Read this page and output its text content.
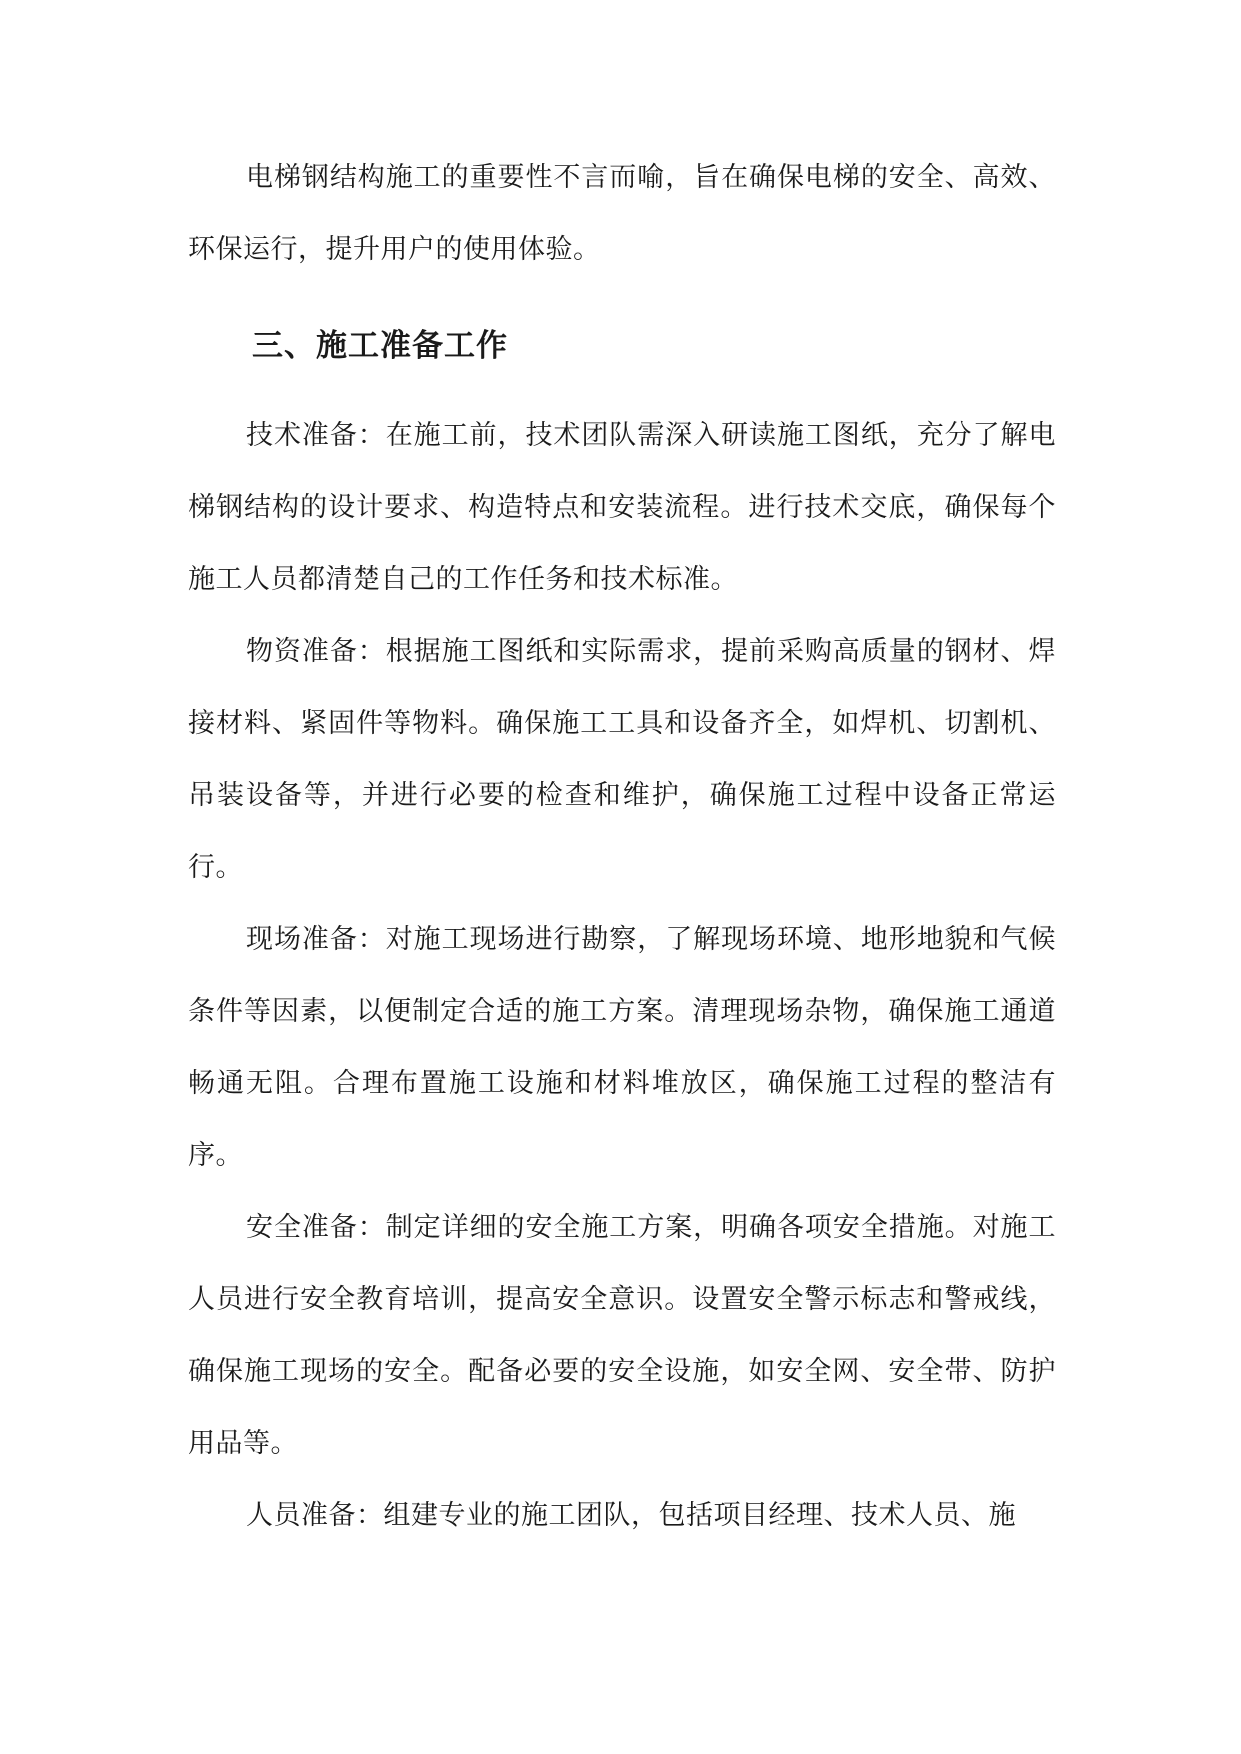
电梯钢结构施工的重要性不言而喻，旨在确保电梯的安全、高效、环保运行，提升用户的使用体验。

三、施工准备工作

技术准备：在施工前，技术团队需深入研读施工图纸，充分了解电梯钢结构的设计要求、构造特点和安装流程。进行技术交底，确保每个施工人员都清楚自己的工作任务和技术标准。

物资准备：根据施工图纸和实际需求，提前采购高质量的钢材、焊接材料、紧固件等物料。确保施工工具和设备齐全，如焊机、切割机、吊装设备等，并进行必要的检查和维护，确保施工过程中设备正常运行。

现场准备：对施工现场进行勘察，了解现场环境、地形地貌和气候条件等因素，以便制定合适的施工方案。清理现场杂物，确保施工通道畅通无阻。合理布置施工设施和材料堆放区，确保施工过程的整洁有序。

安全准备：制定详细的安全施工方案，明确各项安全措施。对施工人员进行安全教育培训，提高安全意识。设置安全警示标志和警戒线，确保施工现场的安全。配备必要的安全设施，如安全网、安全带、防护用品等。

人员准备：组建专业的施工团队，包括项目经理、技术人员、施
